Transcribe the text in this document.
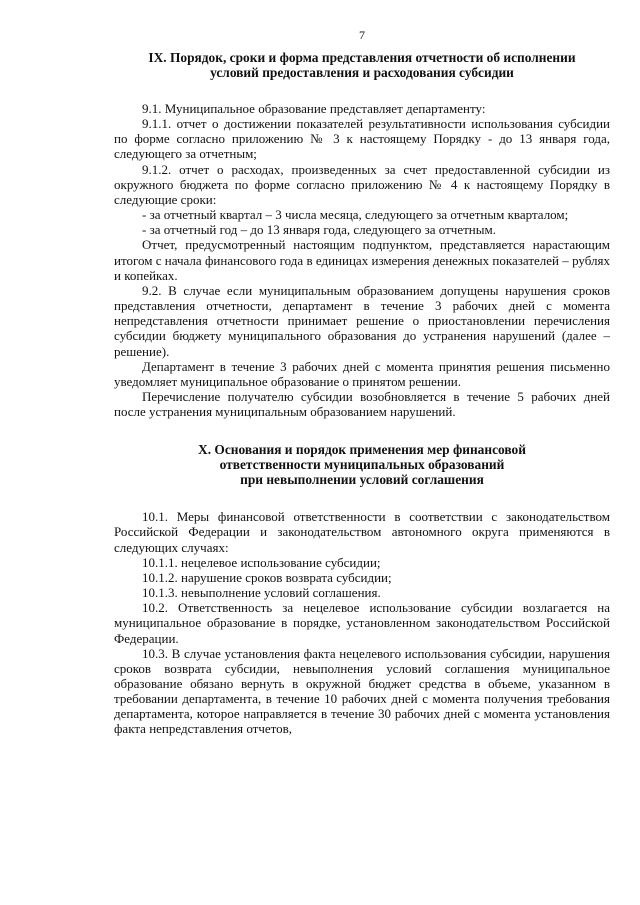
7
IX. Порядок, сроки и форма представления отчетности об исполнении
условий предоставления и расходования субсидии

9.1. Муниципальное образование представляет департаменту:

9.1.1. отчет о достижении показателей результативности использования субсидии по форме согласно приложению № 3 к настоящему Порядку - до 13 января года, следующего за отчетным;

9.1.2. отчет о расходах, произведенных за счет предоставленной субсидии из окружного бюджета по форме согласно приложению № 4 к настоящему Порядку в следующие сроки:

- за отчетный квартал – 3 числа месяца, следующего за отчетным кварталом;

- за отчетный год – до 13 января года, следующего за отчетным.

Отчет, предусмотренный настоящим подпунктом, представляется нарастающим итогом с начала финансового года в единицах измерения денежных показателей – рублях и копейках.

9.2. В случае если муниципальным образованием допущены нарушения сроков представления отчетности, департамент в течение 3 рабочих дней с момента непредставления отчетности принимает решение о приостановлении перечисления субсидии бюджету муниципального образования до устранения нарушений (далее – решение).

Департамент в течение 3 рабочих дней с момента принятия решения письменно уведомляет муниципальное образование о принятом решении.

Перечисление получателю субсидии возобновляется в течение 5 рабочих дней после устранения муниципальным образованием нарушений.

X. Основания и порядок применения мер финансовой
ответственности муниципальных образований
при невыполнении условий соглашения

10.1. Меры финансовой ответственности в соответствии с законодательством Российской Федерации и законодательством автономного округа применяются в следующих случаях:

10.1.1. нецелевое использование субсидии;

10.1.2. нарушение сроков возврата субсидии;

10.1.3. невыполнение условий соглашения.

10.2. Ответственность за нецелевое использование субсидии возлагается на муниципальное образование в порядке, установленном законодательством Российской Федерации.

10.3. В случае установления факта нецелевого использования субсидии, нарушения сроков возврата субсидии, невыполнения условий соглашения муниципальное образование обязано вернуть в окружной бюджет средства в объеме, указанном в требовании департамента, в течение 10 рабочих дней с момента получения требования департамента, которое направляется в течение 30 рабочих дней с момента установления факта непредставления отчетов,
